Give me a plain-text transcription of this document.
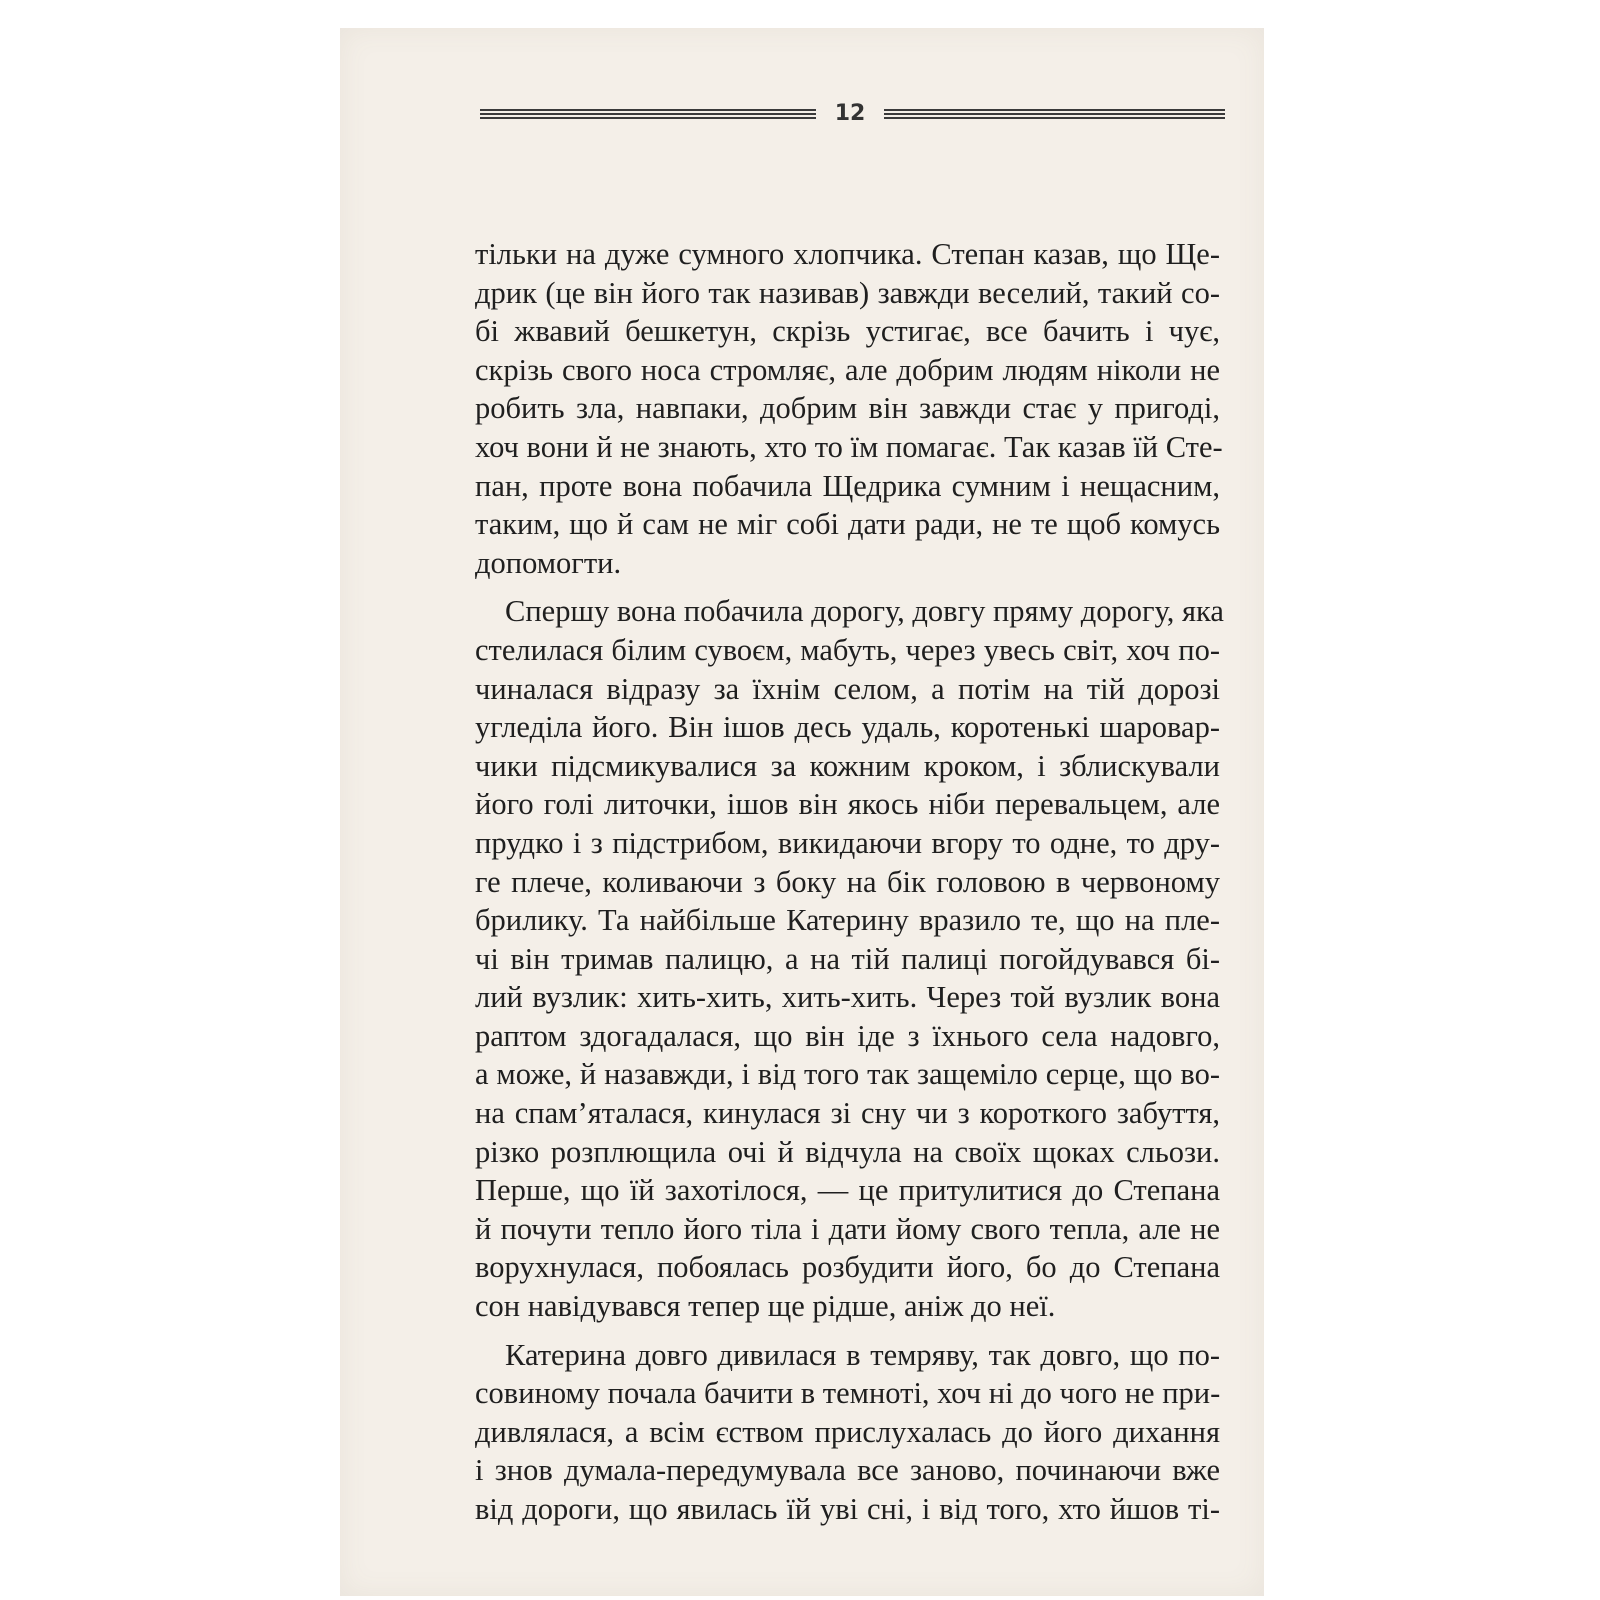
12
тільки на дуже сумного хлопчика. Степан казав, що Ще-
дрик (це він його так називав) завжди веселий, такий со-
бі жвавий бешкетун, скрізь устигає, все бачить і чує,
скрізь свого носа стромляє, але добрим людям ніколи не
робить зла, навпаки, добрим він завжди стає у пригоді,
хоч вони й не знають, хто то їм помагає. Так казав їй Сте-
пан, проте вона побачила Щедрика сумним і нещасним,
таким, що й сам не міг собі дати ради, не те щоб комусь
допомогти.
Спершу вона побачила дорогу, довгу пряму дорогу, яка
стелилася білим сувоєм, мабуть, через увесь світ, хоч по-
чиналася відразу за їхнім селом, а потім на тій дорозі
угледіла його. Він ішов десь удаль, коротенькі шаровар-
чики підсмикувалися за кожним кроком, і зблискували
його голі литочки, ішов він якось ніби перевальцем, але
прудко і з підстрибом, викидаючи вгору то одне, то дру-
ге плече, коливаючи з боку на бік головою в червоному
брилику. Та найбільше Катерину вразило те, що на пле-
чі він тримав палицю, а на тій палиці погойдувався бі-
лий вузлик: хить-хить, хить-хить. Через той вузлик вона
раптом здогадалася, що він іде з їхнього села надовго,
а може, й назавжди, і від того так защеміло серце, що во-
на спам’яталася, кинулася зі сну чи з короткого забуття,
різко розплющила очі й відчула на своїх щоках сльози.
Перше, що їй захотілося, — це притулитися до Степана
й почути тепло його тіла і дати йому свого тепла, але не
ворухнулася, побоялась розбудити його, бо до Степана
сон навідувався тепер ще рідше, аніж до неї.
Катерина довго дивилася в темряву, так довго, що по-
совиному почала бачити в темноті, хоч ні до чого не при-
дивлялася, а всім єством прислухалась до його дихання
і знов думала-передумувала все заново, починаючи вже
від дороги, що явилась їй уві сні, і від того, хто йшов ті-
